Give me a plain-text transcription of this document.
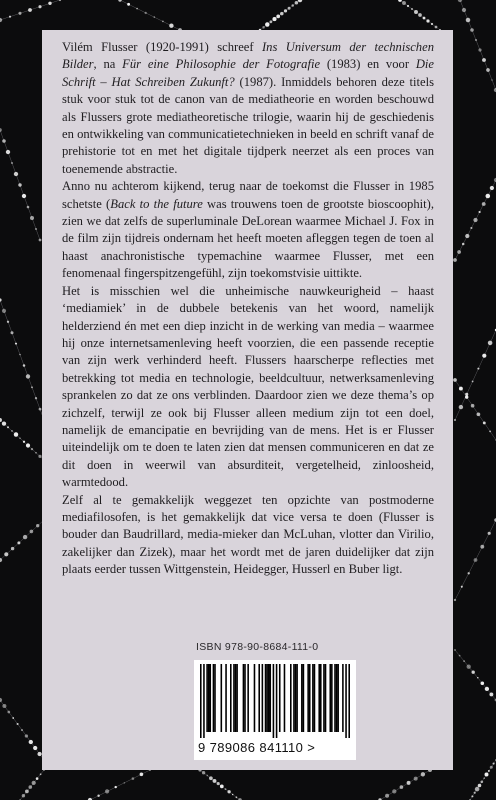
Vilém Flusser (1920-1991) schreef Ins Universum der technischen Bilder, na Für eine Philosophie der Fotografie (1983) en voor Die Schrift – Hat Schreiben Zukunft? (1987). Inmiddels behoren deze titels stuk voor stuk tot de canon van de mediatheorie en worden beschouwd als Flussers grote mediatheoretische trilogie, waarin hij de geschiedenis en ontwikkeling van communicatietechnieken in beeld en schrift vanaf de prehistorie tot en met het digitale tijdperk neerzet als een proces van toenemende abstractie.

Anno nu achterom kijkend, terug naar de toekomst die Flusser in 1985 schetste (Back to the future was trouwens toen de grootste bioscoophit), zien we dat zelfs de superluminale DeLorean waarmee Michael J. Fox in de film zijn tijdreis ondernam het heeft moeten afleggen tegen de toen al haast anachronistische typemachine waarmee Flusser, met een fenomenaal fingerspitzengefühl, zijn toekomstvisie uittikte.

Het is misschien wel die unheimische nauwkeurigheid – haast ‘mediamiek’ in de dubbele betekenis van het woord, namelijk helderziend én met een diep inzicht in de werking van media – waarmee hij onze internetsamenleving heeft voorzien, die een passende receptie van zijn werk verhinderd heeft. Flussers haarscherpe reflecties met betrekking tot media en technologie, beeldcultuur, netwerksamenleving sprankelen zo dat ze ons verblinden. Daardoor zien we deze thema’s op zichzelf, terwijl ze ook bij Flusser alleen medium zijn tot een doel, namelijk de emancipatie en bevrijding van de mens. Het is er Flusser uiteindelijk om te doen te laten zien dat mensen communiceren en dat ze dit doen in weerwil van absurditeit, vergetelheid, zinloosheid, warmtedood.

Zelf al te gemakkelijk weggezet ten opzichte van postmoderne mediafilosofen, is het gemakkelijk dat vice versa te doen (Flusser is bouder dan Baudrillard, media-mieker dan McLuhan, vlotter dan Virilio, zakelijker dan Zizek), maar het wordt met de jaren duidelijker dat zijn plaats eerder tussen Wittgenstein, Heidegger, Husserl en Buber ligt.

ISBN 978-90-8684-111-0
9 789086 841110 >
